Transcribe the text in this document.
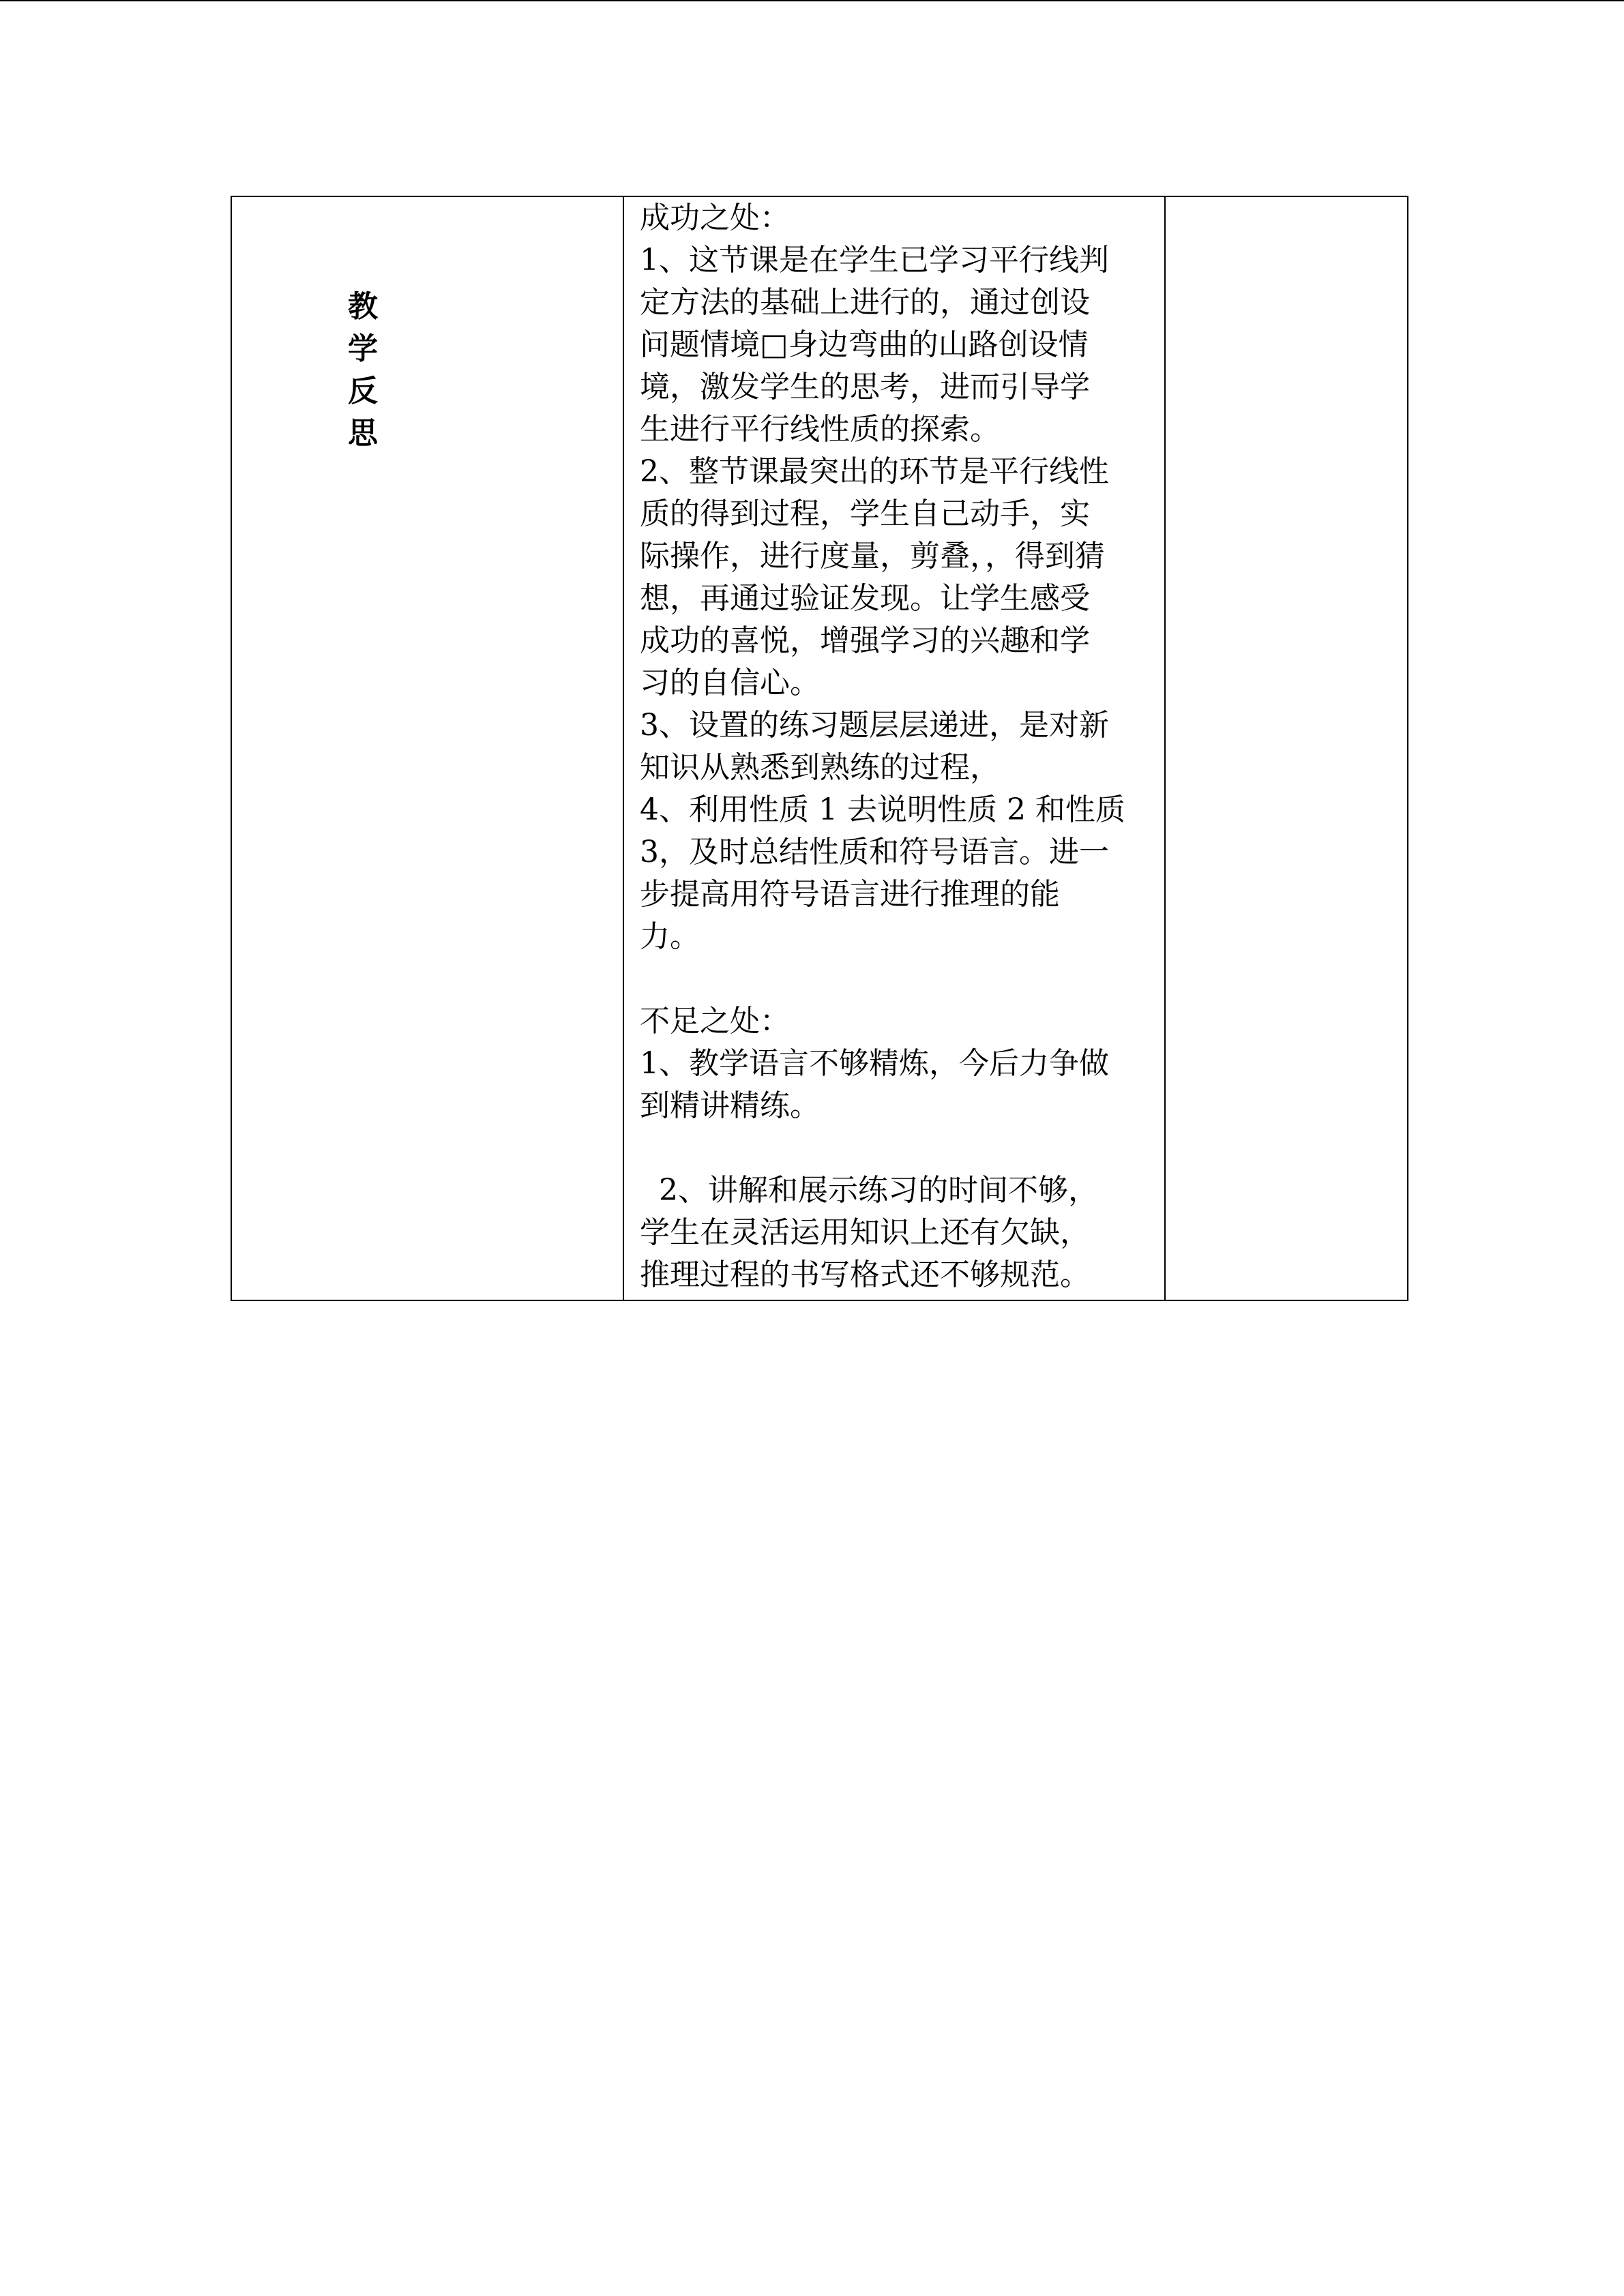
教
学
反
思

成功之处：
1、这节课是在学生已学习平行线判
定方法的基础上进行的，通过创设
问题情境□身边弯曲的山路创设情
境，激发学生的思考，进而引导学
生进行平行线性质的探索。
2、整节课最突出的环节是平行线性
质的得到过程，学生自己动手，实
际操作，进行度量，剪叠，，得到猜
想，再通过验证发现。让学生感受
成功的喜悦，增强学习的兴趣和学
习的自信心。
3、设置的练习题层层递进，是对新
知识从熟悉到熟练的过程，
4、利用性质 1 去说明性质 2 和性质
3，及时总结性质和符号语言。进一
步提高用符号语言进行推理的能
力。
不足之处：
1、教学语言不够精炼，今后力争做
到精讲精练。
2、讲解和展示练习的时间不够，
学生在灵活运用知识上还有欠缺，
推理过程的书写格式还不够规范。
